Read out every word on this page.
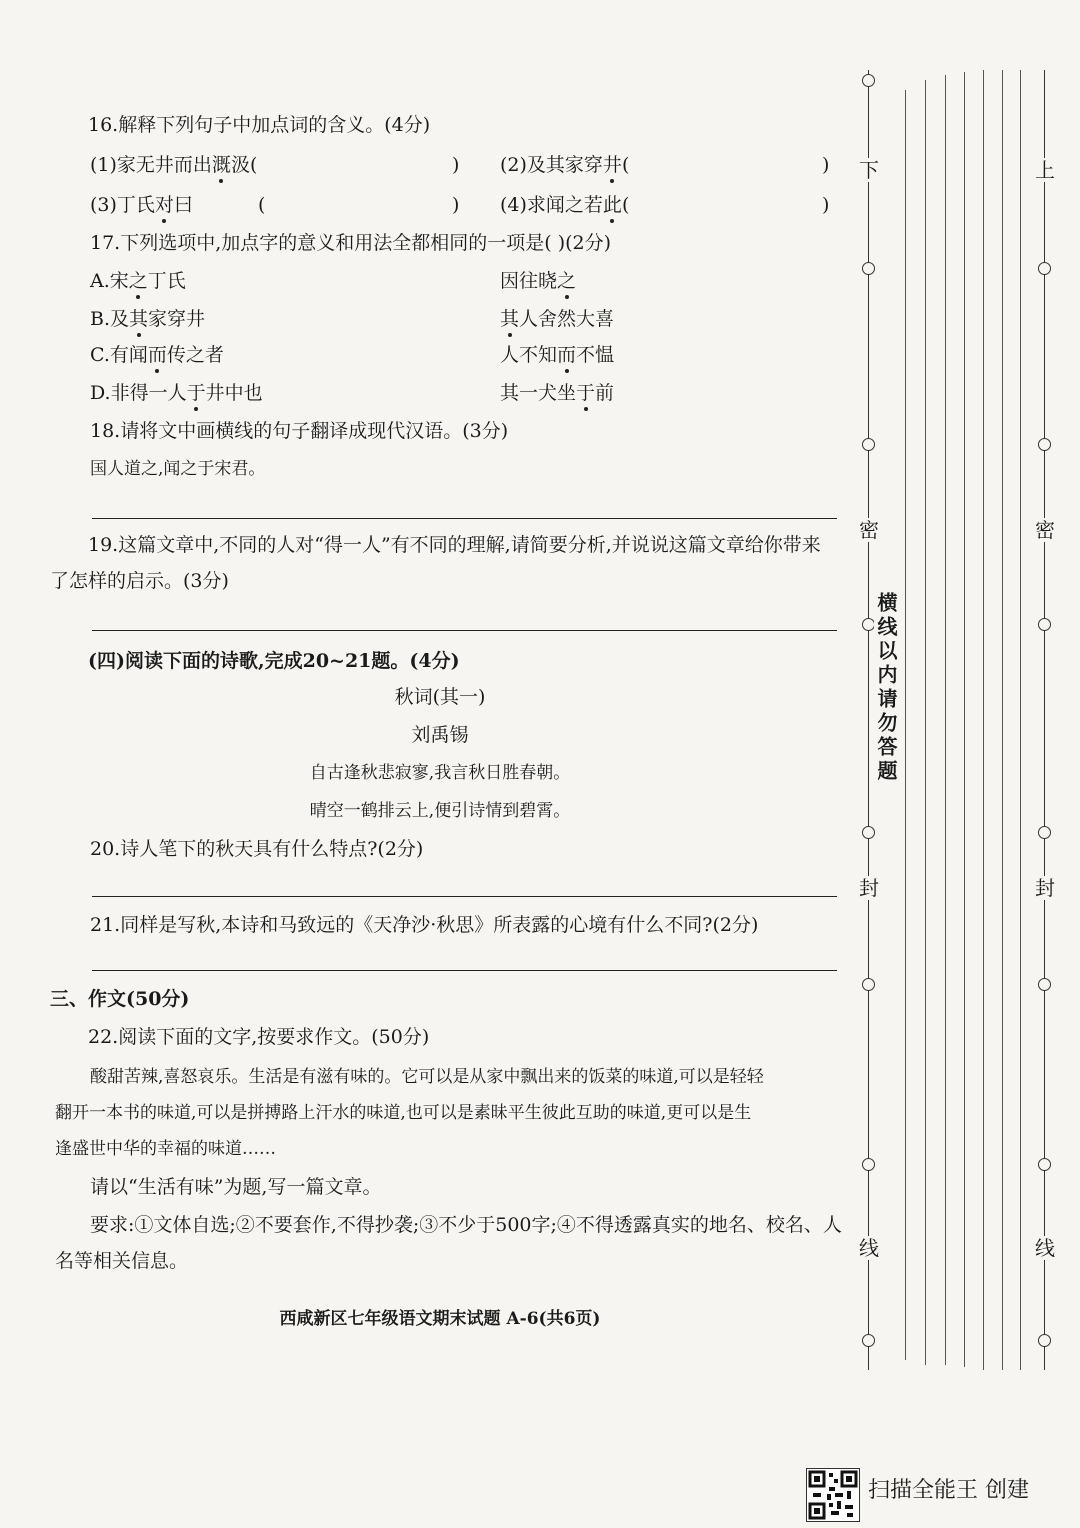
16.解释下列句子中加点词的含义。(4分)
(1)家无井而出溉汲(	) (2)及其家穿井(	)
(3)丁氏对曰	(	) (4)求闻之若此(	)
17.下列选项中,加点字的意义和用法全都相同的一项是( )(2分)
A.宋之丁氏	因往晓之
B.及其家穿井	其人舍然大喜
C.有闻而传之者	人不知而不愠
D.非得一人于井中也	其一犬坐于前
18.请将文中画横线的句子翻译成现代汉语。(3分)
国人道之,闻之于宋君。
19.这篇文章中,不同的人对“得一人”有不同的理解,请简要分析,并说说这篇文章给你带来
了怎样的启示。(3分)
(四)阅读下面的诗歌,完成20~21题。(4分)
秋词(其一)
刘禹锡
自古逢秋悲寂寥,我言秋日胜春朝。
晴空一鹤排云上,便引诗情到碧霄。
20.诗人笔下的秋天具有什么特点?(2分)
21.同样是写秋,本诗和马致远的《天净沙·秋思》所表露的心境有什么不同?(2分)
三、作文(50分)
22.阅读下面的文字,按要求作文。(50分)
酸甜苦辣,喜怒哀乐。生活是有滋有味的。它可以是从家中飘出来的饭菜的味道,可以是轻轻
翻开一本书的味道,可以是拼搏路上汗水的味道,也可以是素昧平生彼此互助的味道,更可以是生
逢盛世中华的幸福的味道……
请以“生活有味”为题,写一篇文章。
要求:①文体自选;②不要套作,不得抄袭;③不少于500字;④不得透露真实的地名、校名、人
名等相关信息。
西咸新区七年级语文期末试题 A-6(共6页)
下
密
封
线
上
密
封
线
横线以内请勿答题
扫描全能王 创建
